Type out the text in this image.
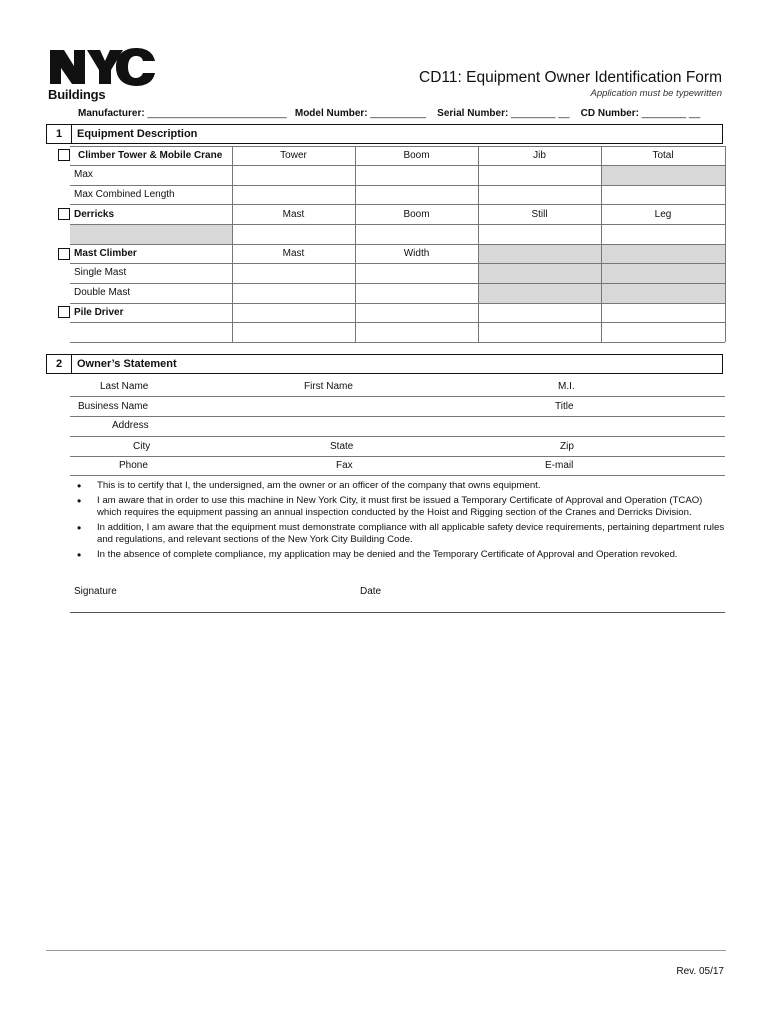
Buildings
CD11: Equipment Owner Identification Form
Application must be typewritten
Manufacturer: _________________________ Model Number: __________ Serial Number: ________ __ CD Number: ________ __
1	Equipment Description
Climber Tower & Mobile Crane	Tower	Boom	Jib	Total
Max
Max Combined Length
Derricks	Mast	Boom	Still	Leg
Mast Climber	Mast	Width
Single Mast
Double Mast
Pile Driver
2	Owner’s Statement
Last Name	First Name	M.I.
Business Name	Title
Address
City	State	Zip
Phone	Fax	E-mail
• This is to certify that I, the undersigned, am the owner or an officer of the company that owns equipment.
• I am aware that in order to use this machine in New York City, it must first be issued a Temporary Certificate of Approval and Operation (TCAO) which requires the equipment passing an annual inspection conducted by the Hoist and Rigging section of the Cranes and Derricks Division.
• In addition, I am aware that the equipment must demonstrate compliance with all applicable safety device requirements, pertaining department rules and regulations, and relevant sections of the New York City Building Code.
• In the absence of complete compliance, my application may be denied and the Temporary Certificate of Approval and Operation revoked.
Signature	Date
Rev. 05/17
